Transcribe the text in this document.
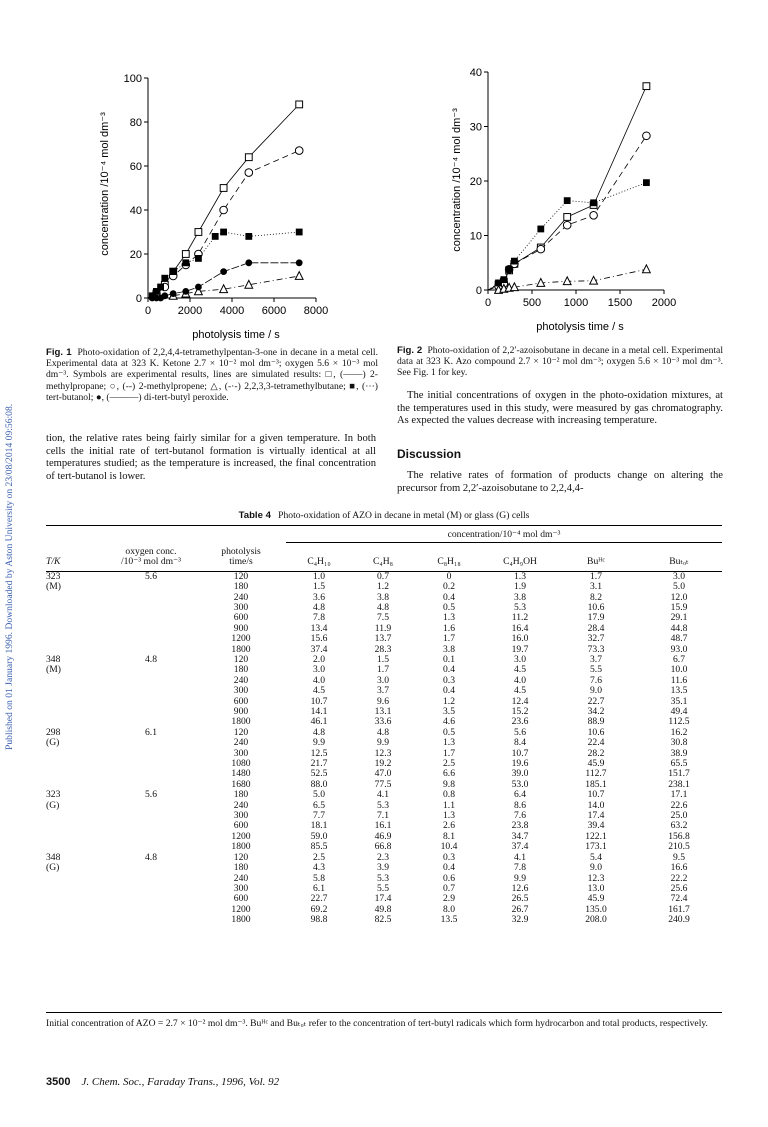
Published on 01 January 1996. Downloaded by Aston University on 23/08/2014 09:56:08.
0
20
40
60
80
100
0 2000 4000 6000 8000
concentration /10⁻⁴ mol dm⁻³
photolysis time / s
0
10
20
30
40
0	500 1000 1500 2000
concentration /10⁻⁴ mol dm⁻³
photolysis time / s
Fig. 1 Photo-oxidation of 2,2,4,4-tetramethylpentan-3-one in decane in a metal cell. Experimental data at 323 K. Ketone 2.7 × 10⁻² mol dm⁻³; oxygen 5.6 × 10⁻³ mol dm⁻³. Symbols are experimental results, lines are simulated results: □, (——) 2-methylpropane; ○, (--) 2-methylpropene; △, (-·-) 2,2,3,3-tetramethylbutane; ■, (···) tert-butanol; ●, (———) di-tert-butyl peroxide.
Fig. 2 Photo-oxidation of 2,2′-azoisobutane in decane in a metal cell. Experimental data at 323 K. Azo compound 2.7 × 10⁻² mol dm⁻³; oxygen 5.6 × 10⁻³ mol dm⁻³. See Fig. 1 for key.
tion, the relative rates being fairly similar for a given temperature. In both cells the initial rate of tert-butanol formation is virtually identical at all temperatures studied; as the temperature is increased, the final concentration of tert-butanol is lower.
The initial concentrations of oxygen in the photo-oxidation mixtures, at the temperatures used in this study, were measured by gas chromatography. As expected the values decrease with increasing temperature.
Discussion
The relative rates of formation of products change on altering the precursor from 2,2′-azoisobutane to 2,2,4,4-
Table 4 Photo-oxidation of AZO in decane in metal (M) or glass (G) cells
			concentration/10⁻⁴ mol dm⁻³					
	oxygen conc.	photolysis						
T/K	/10⁻³ mol dm⁻³	time/s	C₄H₁₀	C₄H₈	C₈H₁₈	C₄H₉OH	Buᴴᶜ	Buₜₒₜ
323	5.6	120	1.0	0.7	0	1.3	1.7	3.0
(M)		180	1.5	1.2	0.2	1.9	3.1	5.0
		240	3.6	3.8	0.4	3.8	8.2	12.0
		300	4.8	4.8	0.5	5.3	10.6	15.9
		600	7.8	7.5	1.3	11.2	17.9	29.1
		900	13.4	11.9	1.6	16.4	28.4	44.8
		1200	15.6	13.7	1.7	16.0	32.7	48.7
		1800	37.4	28.3	3.8	19.7	73.3	93.0
348	4.8	120	2.0	1.5	0.1	3.0	3.7	6.7
(M)		180	3.0	1.7	0.4	4.5	5.5	10.0
		240	4.0	3.0	0.3	4.0	7.6	11.6
		300	4.5	3.7	0.4	4.5	9.0	13.5
		600	10.7	9.6	1.2	12.4	22.7	35.1
		900	14.1	13.1	3.5	15.2	34.2	49.4
		1800	46.1	33.6	4.6	23.6	88.9	112.5
298	6.1	120	4.8	4.8	0.5	5.6	10.6	16.2
(G)		240	9.9	9.9	1.3	8.4	22.4	30.8
		300	12.5	12.3	1.7	10.7	28.2	38.9
		1080	21.7	19.2	2.5	19.6	45.9	65.5
		1480	52.5	47.0	6.6	39.0	112.7	151.7
		1680	88.0	77.5	9.8	53.0	185.1	238.1
323	5.6	180	5.0	4.1	0.8	6.4	10.7	17.1
(G)		240	6.5	5.3	1.1	8.6	14.0	22.6
		300	7.7	7.1	1.3	7.6	17.4	25.0
		600	18.1	16.1	2.6	23.8	39.4	63.2
		1200	59.0	46.9	8.1	34.7	122.1	156.8
		1800	85.5	66.8	10.4	37.4	173.1	210.5
348	4.8	120	2.5	2.3	0.3	4.1	5.4	9.5
(G)		180	4.3	3.9	0.4	7.8	9.0	16.6
		240	5.8	5.3	0.6	9.9	12.3	22.2
		300	6.1	5.5	0.7	12.6	13.0	25.6
		600	22.7	17.4	2.9	26.5	45.9	72.4
		1200	69.2	49.8	8.0	26.7	135.0	161.7
		1800	98.8	82.5	13.5	32.9	208.0	240.9
Initial concentration of AZO = 2.7 × 10⁻² mol dm⁻³. Buᴴᶜ and Buₜₒₜ refer to the concentration of tert-butyl radicals which form hydrocarbon and total products, respectively.
3500 J. Chem. Soc., Faraday Trans., 1996, Vol. 92
